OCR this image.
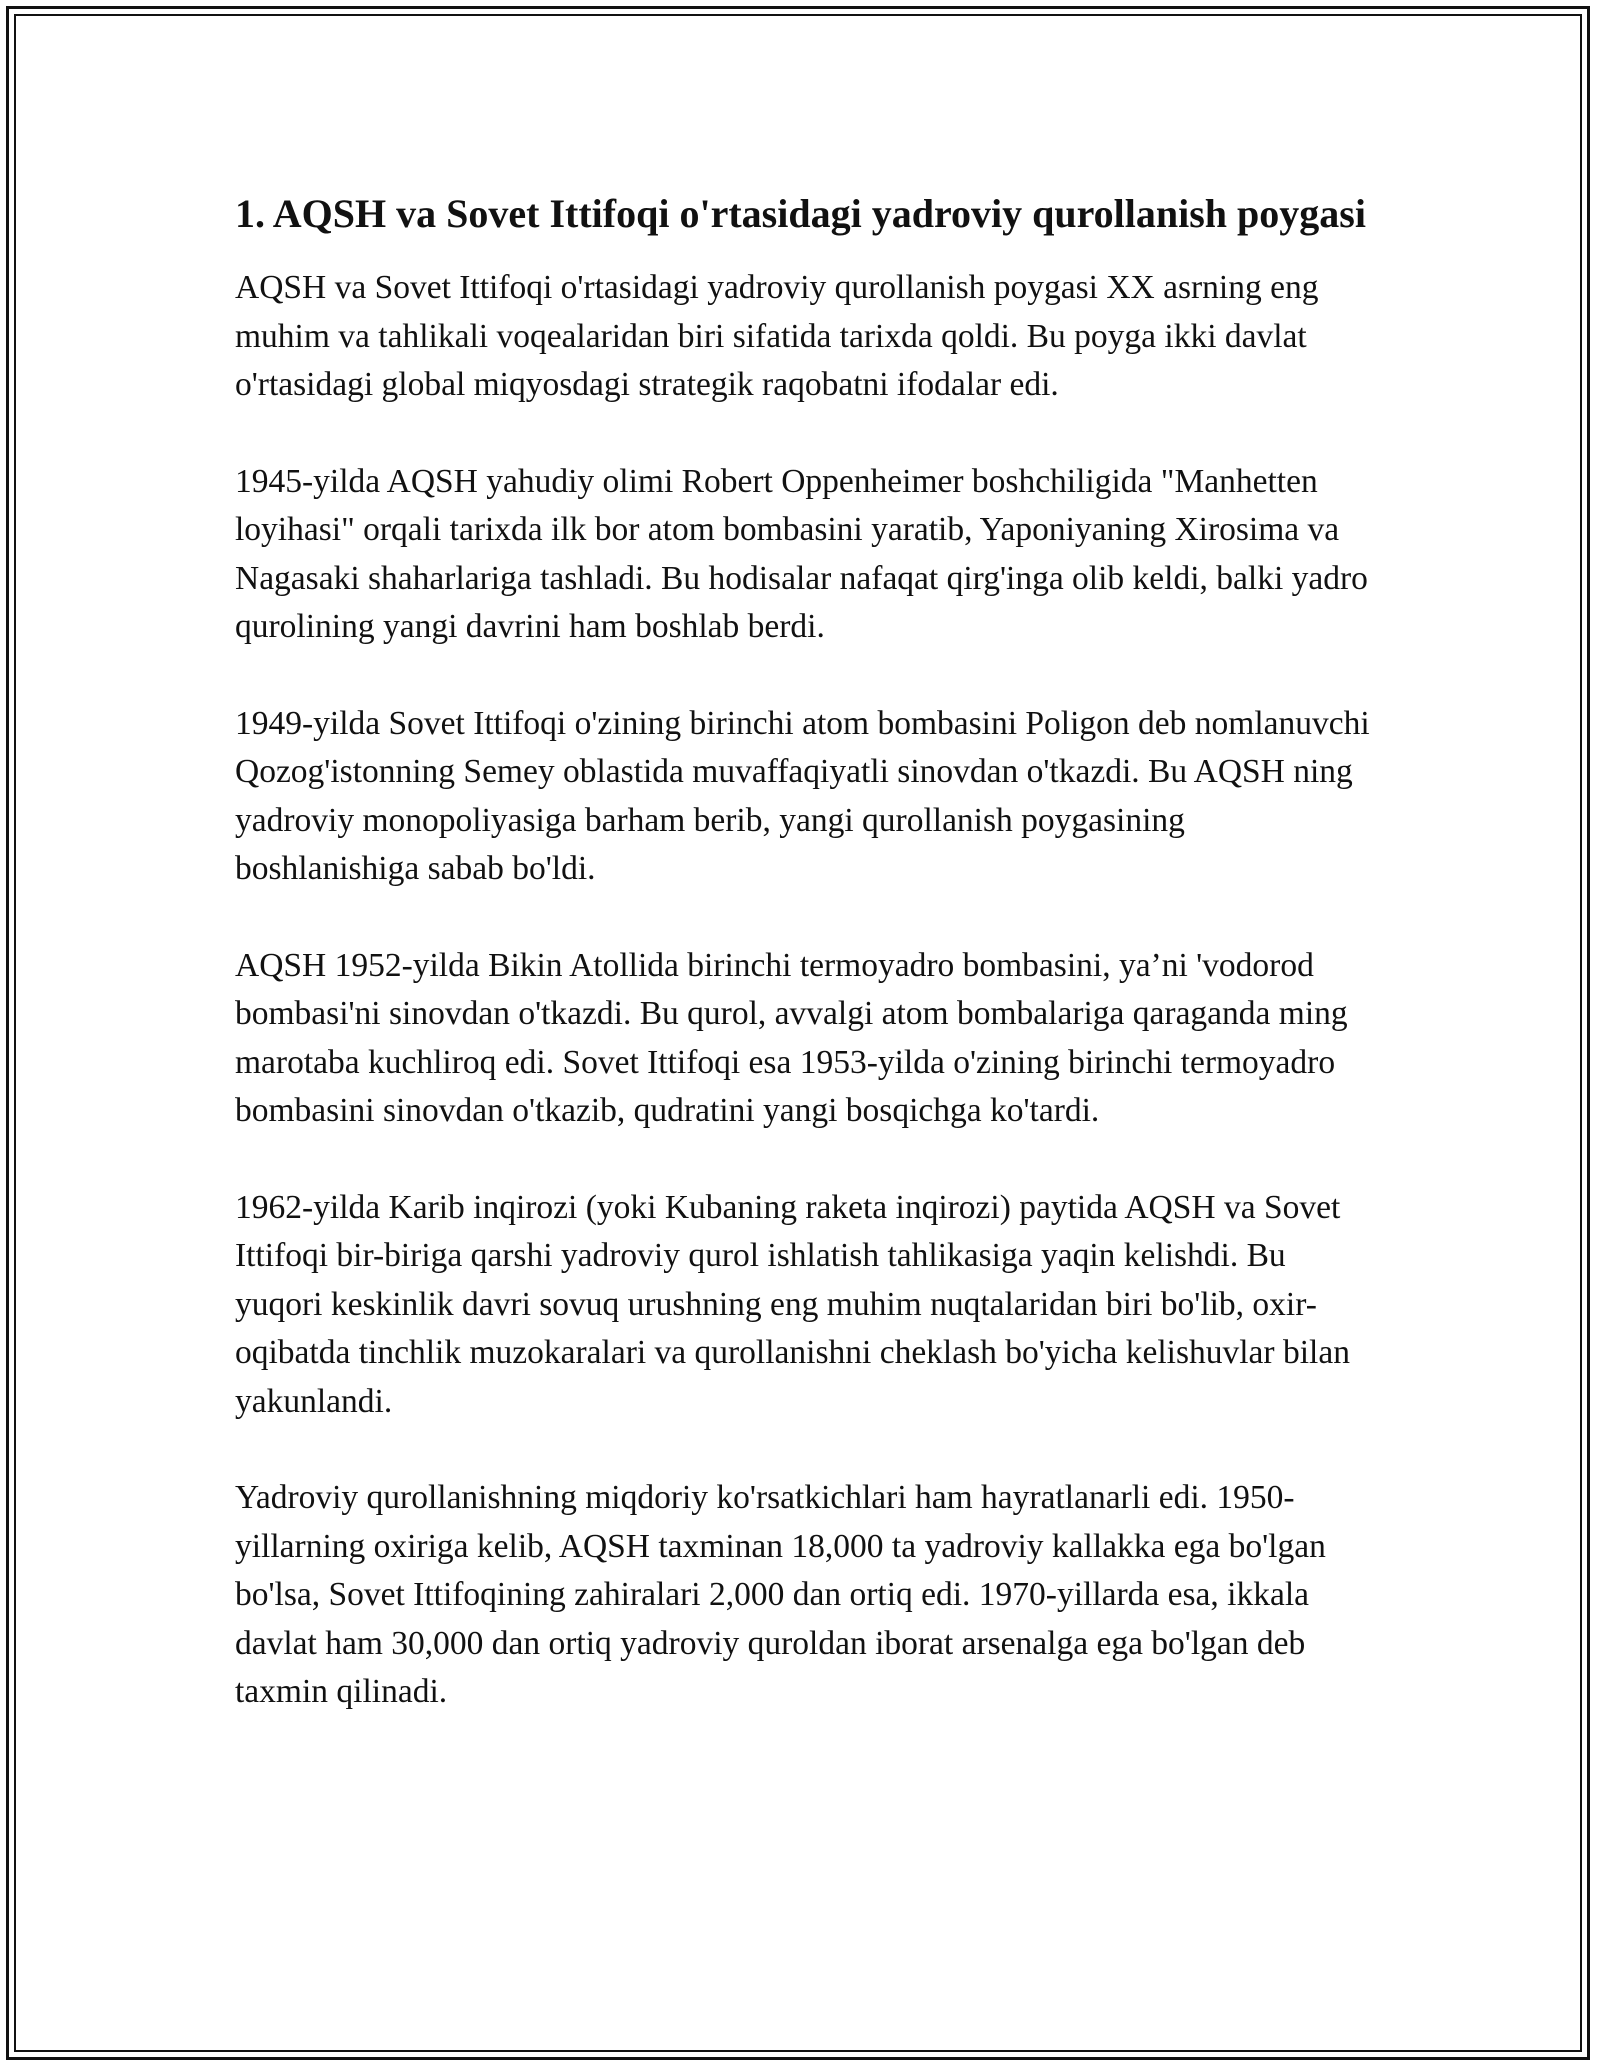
1. AQSH va Sovet Ittifoqi o'rtasidagi yadroviy qurollanish poygasi

AQSH va Sovet Ittifoqi o'rtasidagi yadroviy qurollanish poygasi XX asrning eng muhim va tahlikali voqealaridan biri sifatida tarixda qoldi. Bu poyga ikki davlat o'rtasidagi global miqyosdagi strategik raqobatni ifodalar edi.

1945-yilda AQSH yahudiy olimi Robert Oppenheimer boshchiligida "Manhetten loyihasi" orqali tarixda ilk bor atom bombasini yaratib, Yaponiyaning Xirosima va Nagasaki shaharlariga tashladi. Bu hodisalar nafaqat qirg'inga olib keldi, balki yadro qurolining yangi davrini ham boshlab berdi.

1949-yilda Sovet Ittifoqi o'zining birinchi atom bombasini Poligon deb nomlanuvchi Qozog'istonning Semey oblastida muvaffaqiyatli sinovdan o'tkazdi. Bu AQSH ning yadroviy monopoliyasiga barham berib, yangi qurollanish poygasining boshlanishiga sabab bo'ldi.

AQSH 1952-yilda Bikin Atollida birinchi termoyadro bombasini, ya’ni 'vodorod bombasi'ni sinovdan o'tkazdi. Bu qurol, avvalgi atom bombalariga qaraganda ming marotaba kuchliroq edi. Sovet Ittifoqi esa 1953-yilda o'zining birinchi termoyadro bombasini sinovdan o'tkazib, qudratini yangi bosqichga ko'tardi.

1962-yilda Karib inqirozi (yoki Kubaning raketa inqirozi) paytida AQSH va Sovet Ittifoqi bir-biriga qarshi yadroviy qurol ishlatish tahlikasiga yaqin kelishdi. Bu yuqori keskinlik davri sovuq urushning eng muhim nuqtalaridan biri bo'lib, oxir-oqibatda tinchlik muzokaralari va qurollanishni cheklash bo'yicha kelishuvlar bilan yakunlandi.

Yadroviy qurollanishning miqdoriy ko'rsatkichlari ham hayratlanarli edi. 1950-yillarning oxiriga kelib, AQSH taxminan 18,000 ta yadroviy kallakka ega bo'lgan bo'lsa, Sovet Ittifoqining zahiralari 2,000 dan ortiq edi. 1970-yillarda esa, ikkala davlat ham 30,000 dan ortiq yadroviy quroldan iborat arsenalga ega bo'lgan deb taxmin qilinadi.
